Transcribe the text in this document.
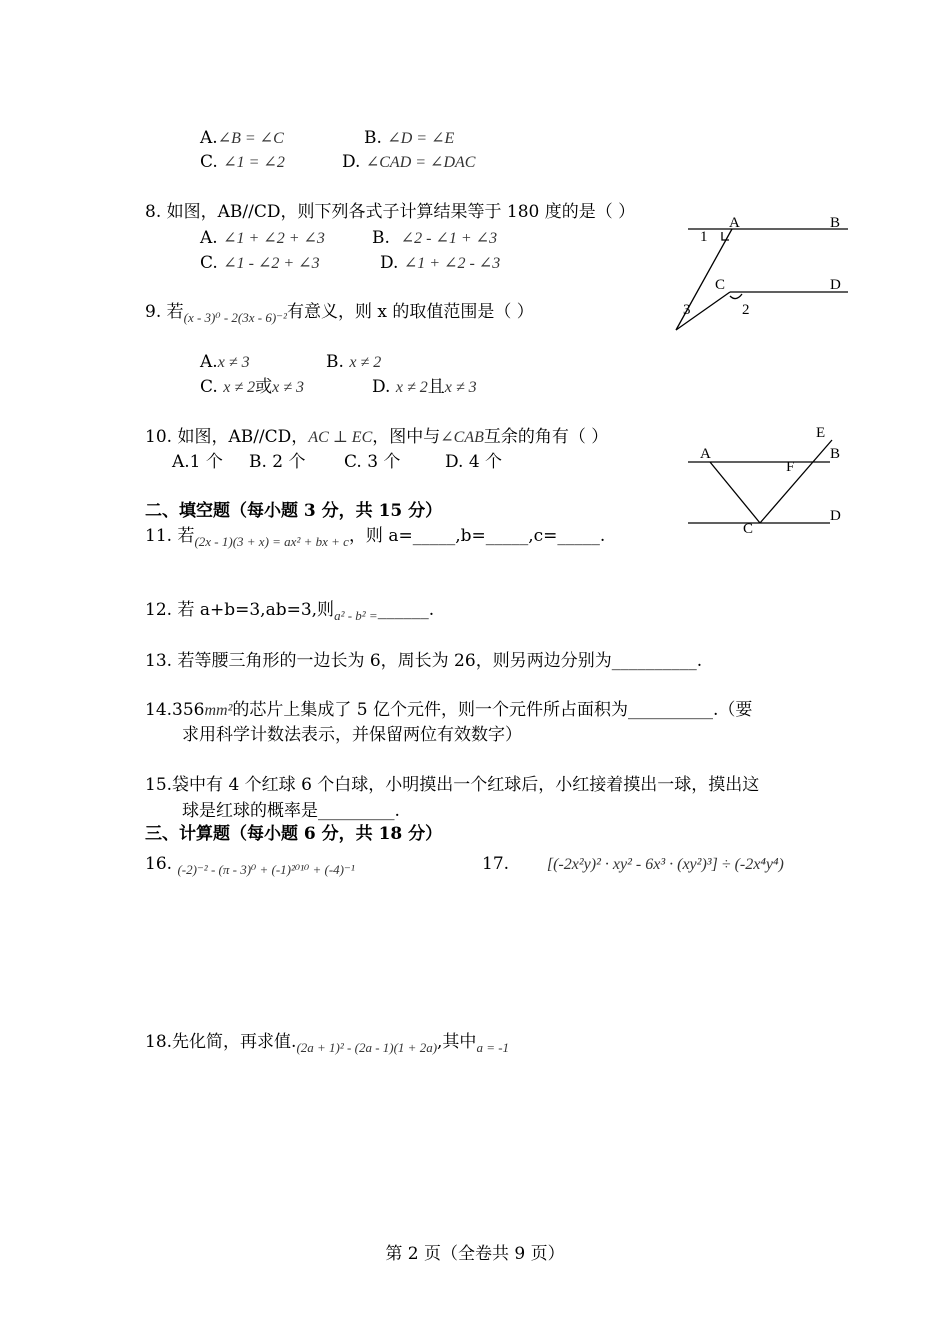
A.∠B = ∠C	B. ∠D = ∠E
C. ∠1 = ∠2	D. ∠CAD = ∠DAC
8. 如图，AB//CD，则下列各式子计算结果等于 180 度的是（ ）
A. ∠1 + ∠2 + ∠3	B. ∠2 - ∠1 + ∠3
C. ∠1 - ∠2 + ∠3	D. ∠1 + ∠2 - ∠3
A	B
1
C	D
2
3
9. 若$_{(x - 3)^0 - 2(3x - 6)^{-2}}$有意义，则 x 的取值范围是（ ）
A.x ≠ 3	B. x ≠ 2
C. x ≠ 2或x ≠ 3	D. x ≠ 2且x ≠ 3
10. 如图，AB//CD，AC ⊥ EC，图中与∠CAB互余的角有（ ）
A.1 个 B. 2 个 C. 3 个	D. 4 个	A
E
B
F
C
D
二、填空题（每小题 3 分，共 15 分）
11. 若$_{(2x - 1)(3 + x) = ax^2 + bx + c}$，则 a=_____,b=_____,c=_____.
12. 若 a+b=3,ab=3,则$_{a^2 - b^2 =}$______.
13. 若等腰三角形的一边长为 6，周长为 26，则另两边分别为__________.
14.356mm²的芯片上集成了 5 亿个元件，则一个元件所占面积为__________.（要
求用科学计数法表示，并保留两位有效数字）
15.袋中有 4 个红球 6 个白球，小明摸出一个红球后，小红接着摸出一球，摸出这
球是红球的概率是_________.
三、计算题（每小题 6 分，共 18 分）
16. $_{(-2)^{-2} - (\pi - 3)^0 + (-1)^{2010} + (-4)^{-1}}$	17. [(-2x²y)² · xy² - 6x³ · (xy²)³] ÷ (-2x⁴y⁴)
18.先化简，再求值$._{(2a + 1)^2 - (2a - 1)(1 + 2a)}$,其中$_{a = -1}$
第 2 页（全卷共 9 页）
